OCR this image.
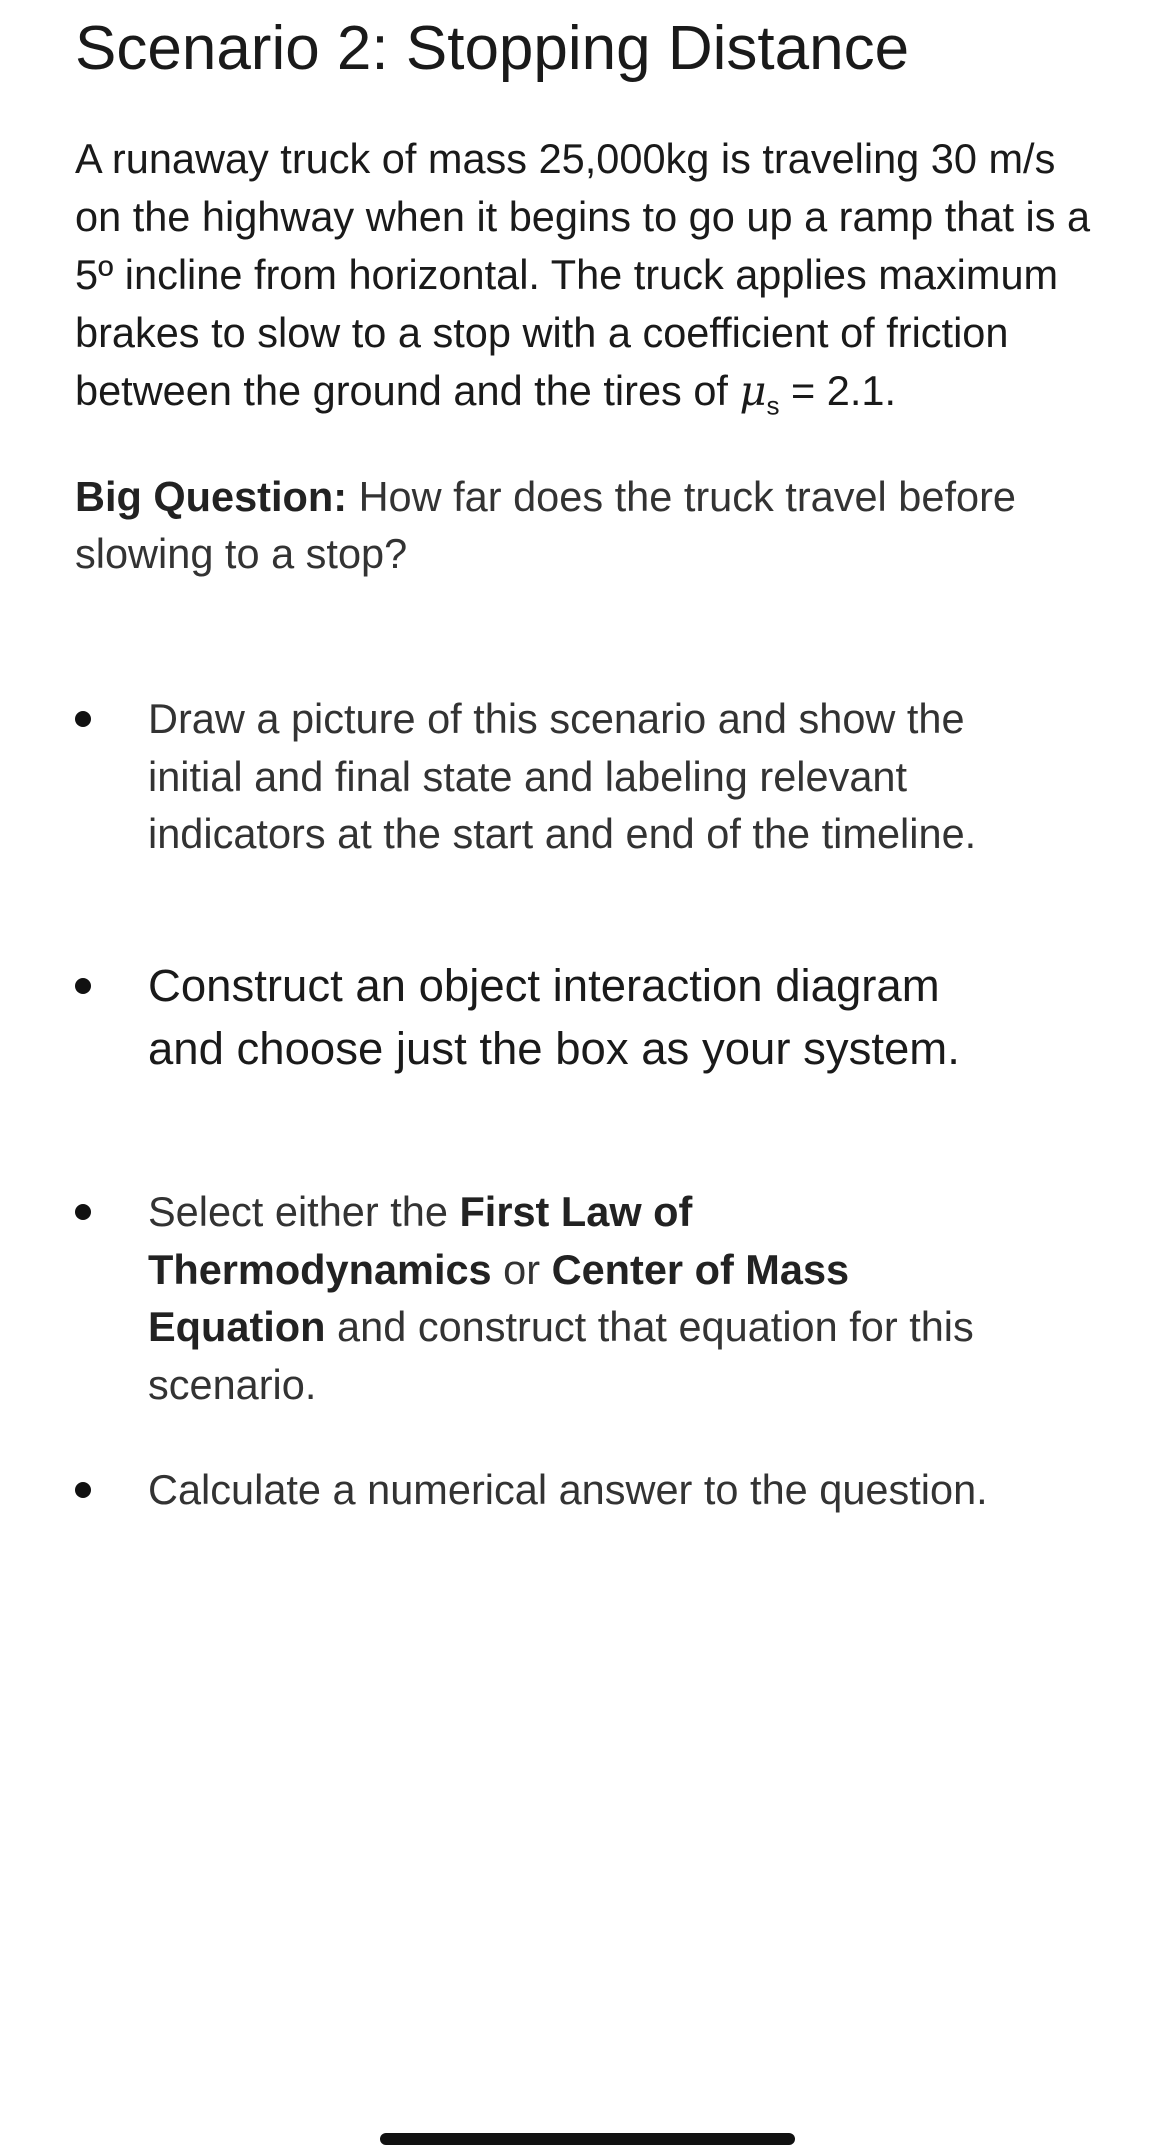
Scenario 2: Stopping Distance

A runaway truck of mass 25,000kg is traveling 30 m/s on the highway when it begins to go up a ramp that is a 5º incline from horizontal. The truck applies maximum brakes to slow to a stop with a coefficient of friction between the ground and the tires of $\mu_s = 2.1$.

Big Question: How far does the truck travel before slowing to a stop?

Draw a picture of this scenario and show the initial and final state and labeling relevant indicators at the start and end of the timeline.

Construct an object interaction diagram and choose just the box as your system.

Select either the First Law of Thermodynamics or Center of Mass Equation and construct that equation for this scenario.

Calculate a numerical answer to the question.
